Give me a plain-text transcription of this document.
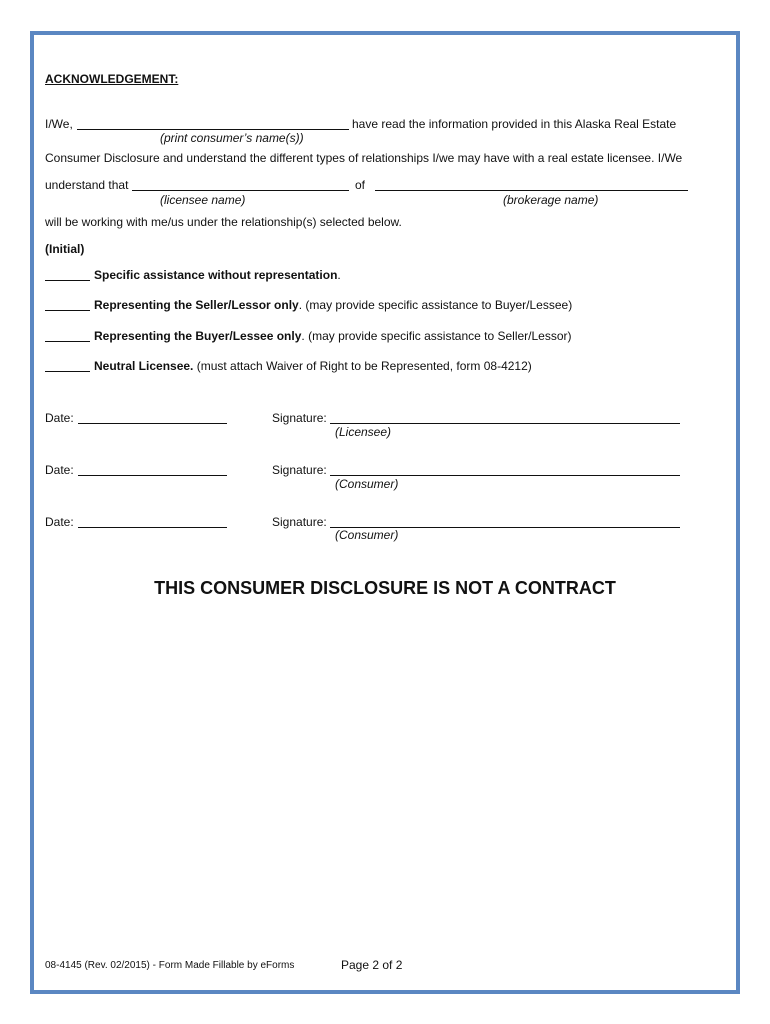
ACKNOWLEDGEMENT:
I/We,	have read the information provided in this Alaska Real Estate
(print consumer’s name(s))
Consumer Disclosure and understand the different types of relationships I/we may have with a real estate licensee. I/We
understand that	of
(licensee name)	(brokerage name)
will be working with me/us under the relationship(s) selected below.
(Initial)
Specific assistance without representation.
Representing the Seller/Lessor only. (may provide specific assistance to Buyer/Lessee)
Representing the Buyer/Lessee only. (may provide specific assistance to Seller/Lessor)
Neutral Licensee. (must attach Waiver of Right to be Represented, form 08-4212)
Date:	Signature:
(Licensee)
Date:	Signature:
(Consumer)
Date:	Signature:
(Consumer)
THIS CONSUMER DISCLOSURE IS NOT A CONTRACT
08-4145 (Rev. 02/2015) - Form Made Fillable by eForms	Page 2 of 2
